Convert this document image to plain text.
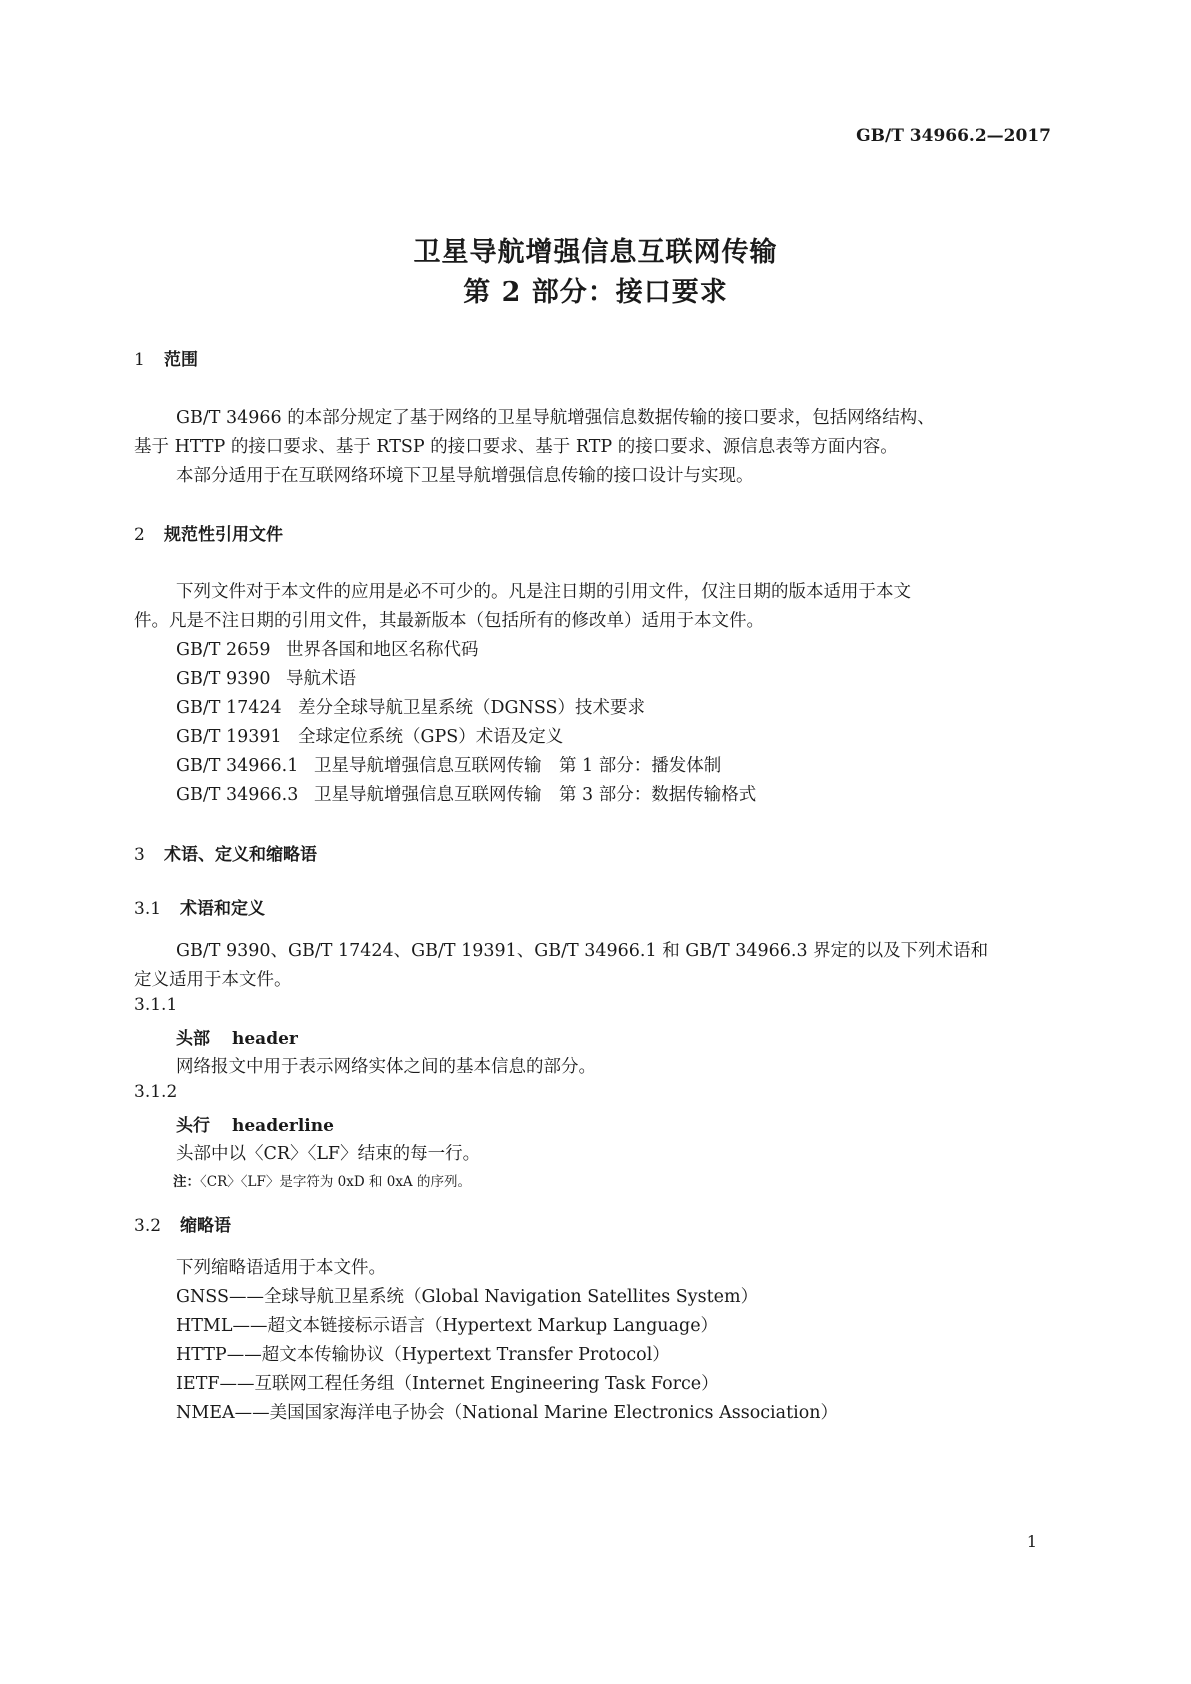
GB/T 34966.2—2017
卫星导航增强信息互联网传输
第 2 部分：接口要求
1 范围
GB/T 34966 的本部分规定了基于网络的卫星导航增强信息数据传输的接口要求，包括网络结构、
基于 HTTP 的接口要求、基于 RTSP 的接口要求、基于 RTP 的接口要求、源信息表等方面内容。
本部分适用于在互联网络环境下卫星导航增强信息传输的接口设计与实现。
2 规范性引用文件
下列文件对于本文件的应用是必不可少的。凡是注日期的引用文件，仅注日期的版本适用于本文
件。凡是不注日期的引用文件，其最新版本（包括所有的修改单）适用于本文件。
GB/T 2659 世界各国和地区名称代码
GB/T 9390 导航术语
GB/T 17424 差分全球导航卫星系统（DGNSS）技术要求
GB/T 19391 全球定位系统（GPS）术语及定义
GB/T 34966.1 卫星导航增强信息互联网传输　第 1 部分：播发体制
GB/T 34966.3 卫星导航增强信息互联网传输　第 3 部分：数据传输格式
3 术语、定义和缩略语
3.1 术语和定义
GB/T 9390、GB/T 17424、GB/T 19391、GB/T 34966.1 和 GB/T 34966.3 界定的以及下列术语和
定义适用于本文件。
3.1.1
头部 header
网络报文中用于表示网络实体之间的基本信息的部分。
3.1.2
头行 headerline
头部中以〈CR〉〈LF〉结束的每一行。
注：〈CR〉〈LF〉是字符为 0xD 和 0xA 的序列。
3.2 缩略语
下列缩略语适用于本文件。
GNSS——全球导航卫星系统（Global Navigation Satellites System）
HTML——超文本链接标示语言（Hypertext Markup Language）
HTTP——超文本传输协议（Hypertext Transfer Protocol）
IETF——互联网工程任务组（Internet Engineering Task Force）
NMEA——美国国家海洋电子协会（National Marine Electronics Association）
1
